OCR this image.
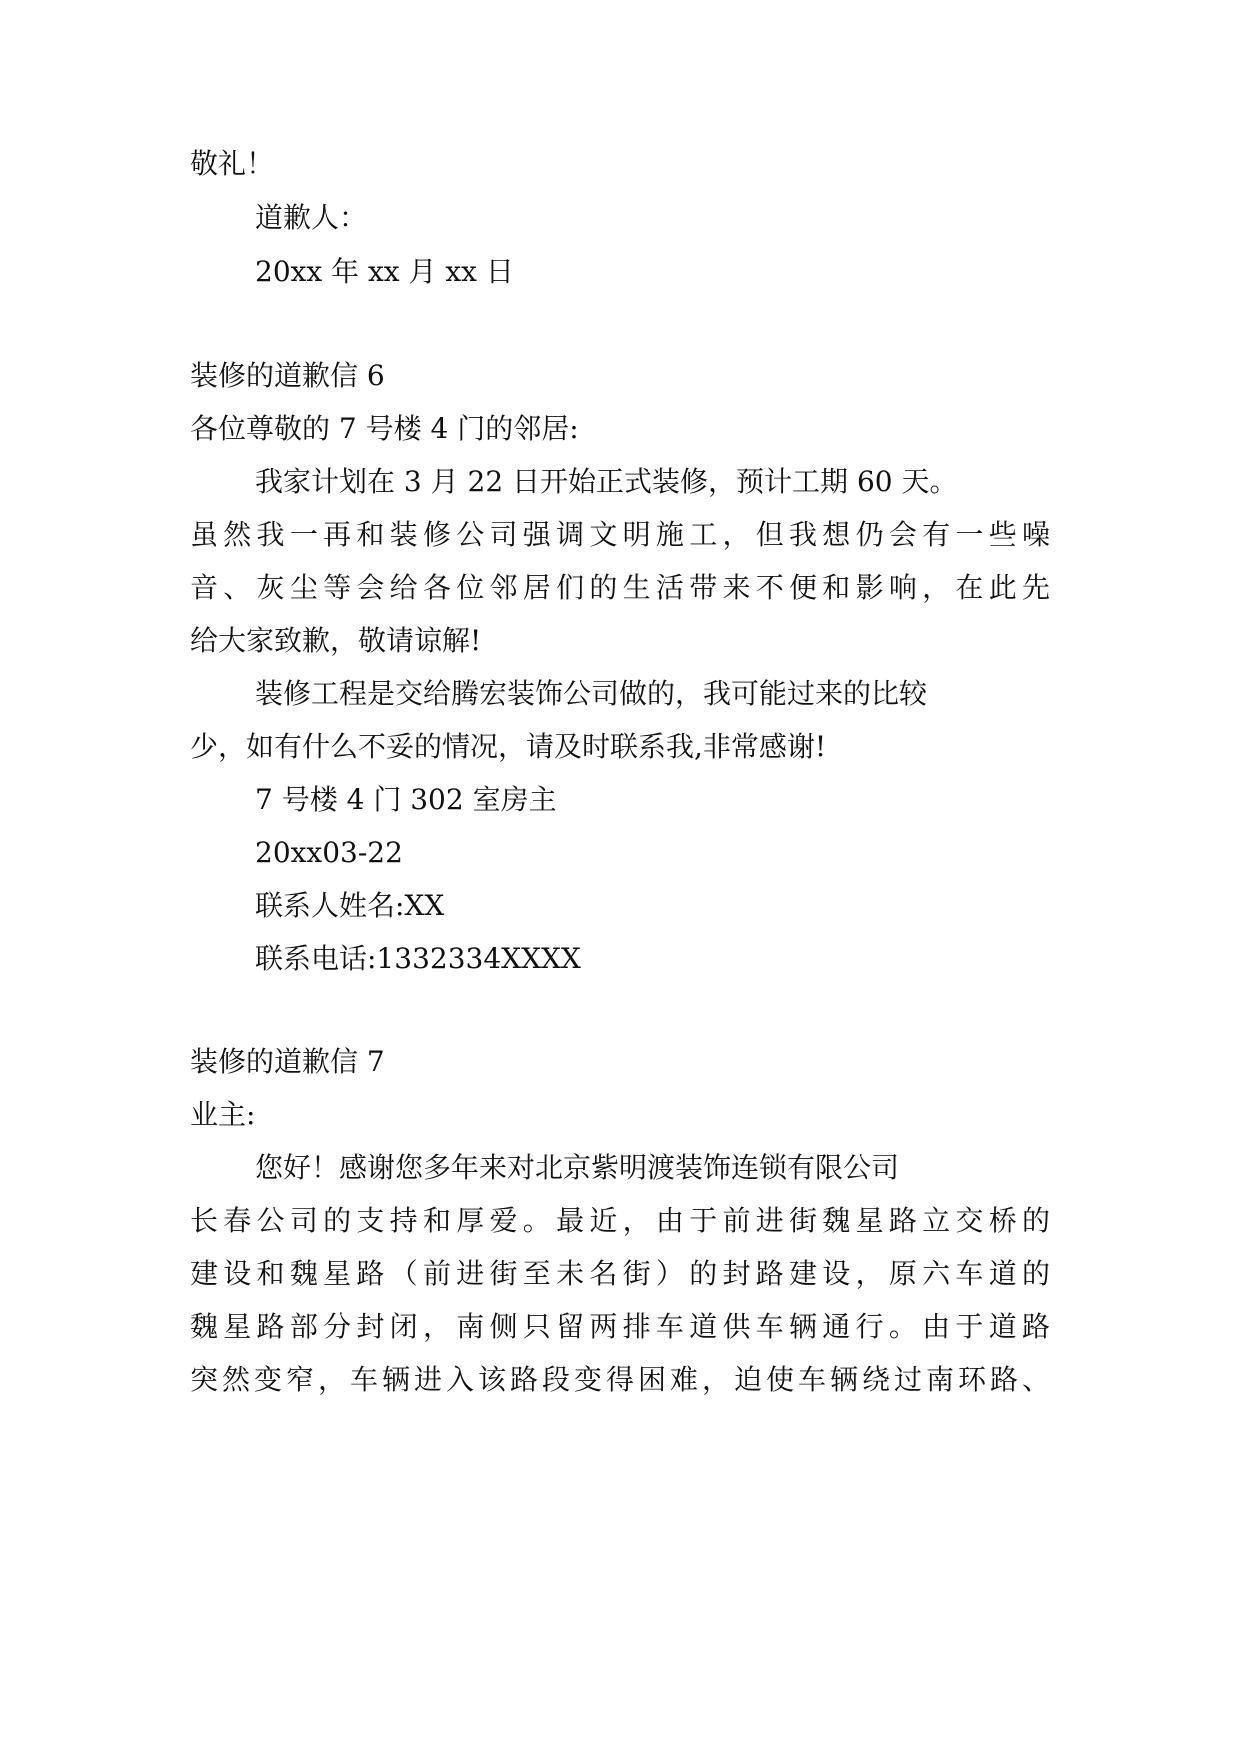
敬礼！
道歉人：
20xx 年 xx 月 xx 日
装修的道歉信 6
各位尊敬的 7 号楼 4 门的邻居:
我家计划在 3 月 22 日开始正式装修，预计工期 60 天。
虽然我一再和装修公司强调文明施工，但我想仍会有一些噪
音、灰尘等会给各位邻居们的生活带来不便和影响，在此先
给大家致歉，敬请谅解!
装修工程是交给腾宏装饰公司做的，我可能过来的比较
少，如有什么不妥的情况，请及时联系我,非常感谢!
7 号楼 4 门 302 室房主
20xx03-22
联系人姓名:XX
联系电话:1332334XXXX
装修的道歉信 7
业主:
您好！感谢您多年来对北京紫明渡装饰连锁有限公司
长春公司的支持和厚爱。最近，由于前进街魏星路立交桥的
建设和魏星路（前进街至未名街）的封路建设，原六车道的
魏星路部分封闭，南侧只留两排车道供车辆通行。由于道路
突然变窄，车辆进入该路段变得困难，迫使车辆绕过南环路、
